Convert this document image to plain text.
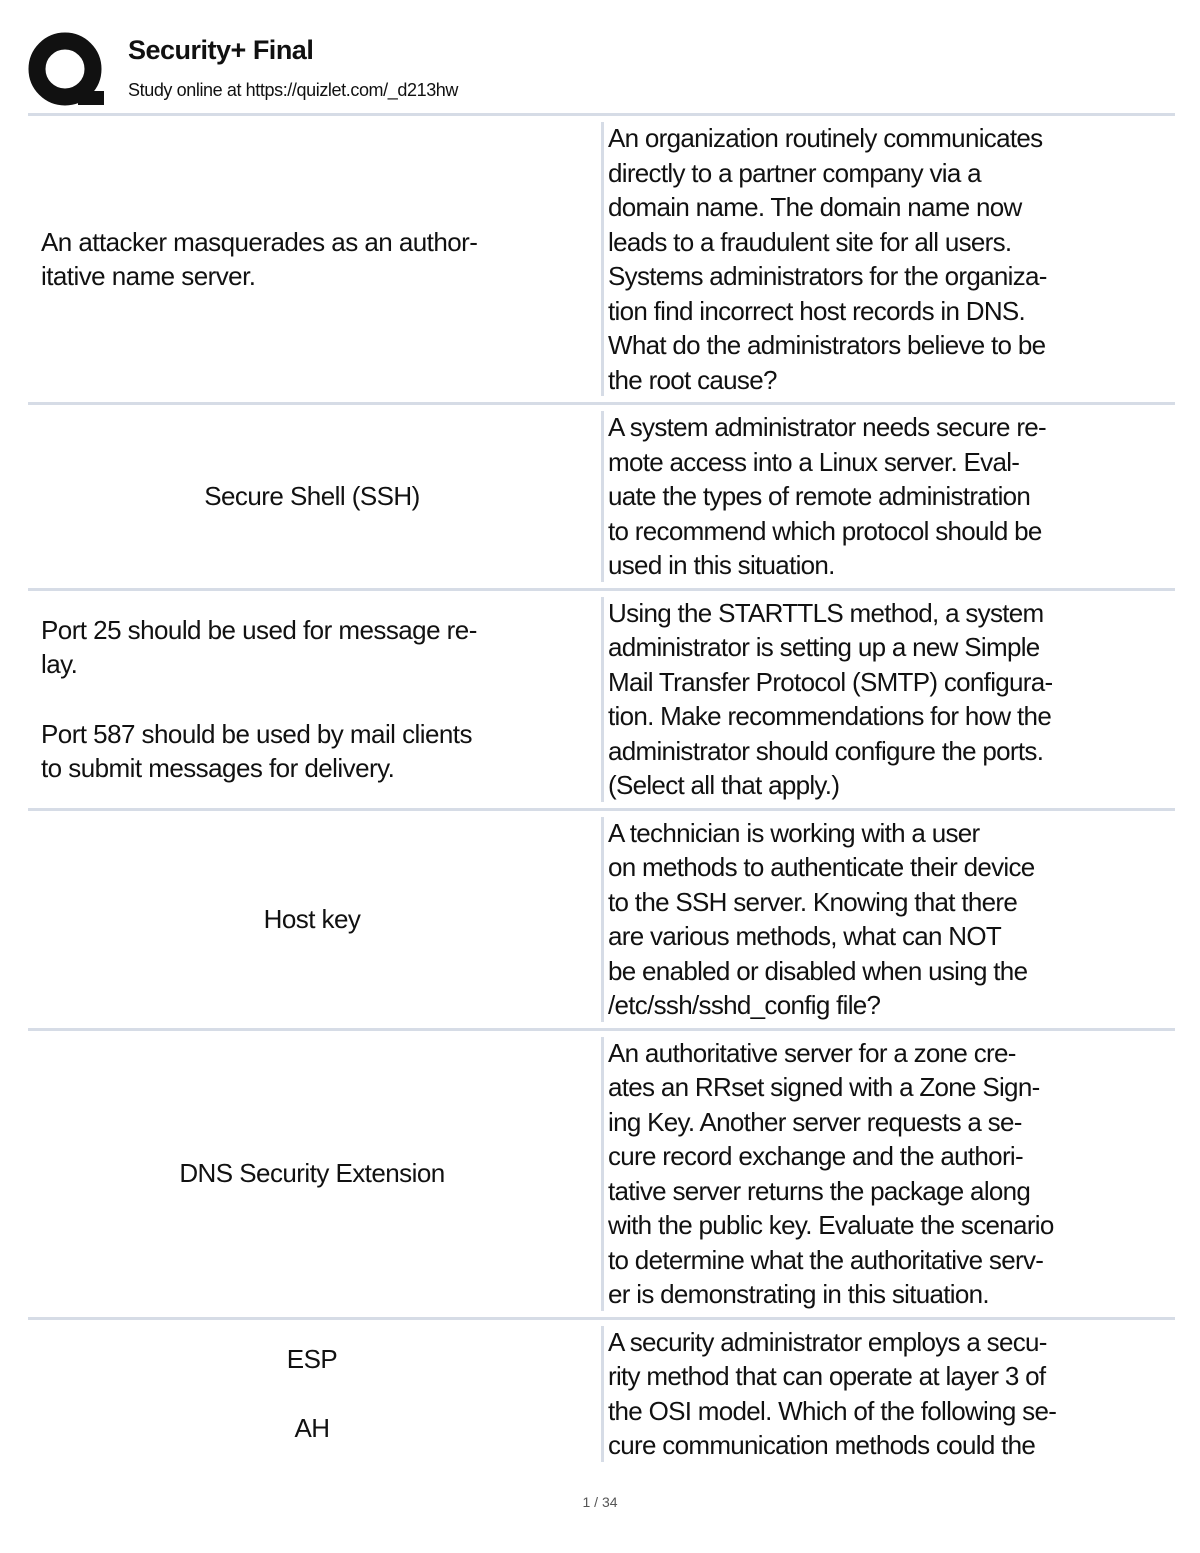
Security+ Final
Study online at https://quizlet.com/_d213hw
An attacker masquerades as an author-
itative name server.
An organization routinely communicates
directly to a partner company via a
domain name. The domain name now
leads to a fraudulent site for all users.
Systems administrators for the organiza-
tion find incorrect host records in DNS.
What do the administrators believe to be
the root cause?
Secure Shell (SSH)
A system administrator needs secure re-
mote access into a Linux server. Eval-
uate the types of remote administration
to recommend which protocol should be
used in this situation.
Port 25 should be used for message re-
lay.
Port 587 should be used by mail clients
to submit messages for delivery.
Using the STARTTLS method, a system
administrator is setting up a new Simple
Mail Transfer Protocol (SMTP) configura-
tion. Make recommendations for how the
administrator should configure the ports.
(Select all that apply.)
Host key
A technician is working with a user
on methods to authenticate their device
to the SSH server. Knowing that there
are various methods, what can NOT
be enabled or disabled when using the
/etc/ssh/sshd_config file?
DNS Security Extension
An authoritative server for a zone cre-
ates an RRset signed with a Zone Sign-
ing Key. Another server requests a se-
cure record exchange and the authori-
tative server returns the package along
with the public key. Evaluate the scenario
to determine what the authoritative serv-
er is demonstrating in this situation.
ESP
AH
A security administrator employs a secu-
rity method that can operate at layer 3 of
the OSI model. Which of the following se-
cure communication methods could the
1 / 34
